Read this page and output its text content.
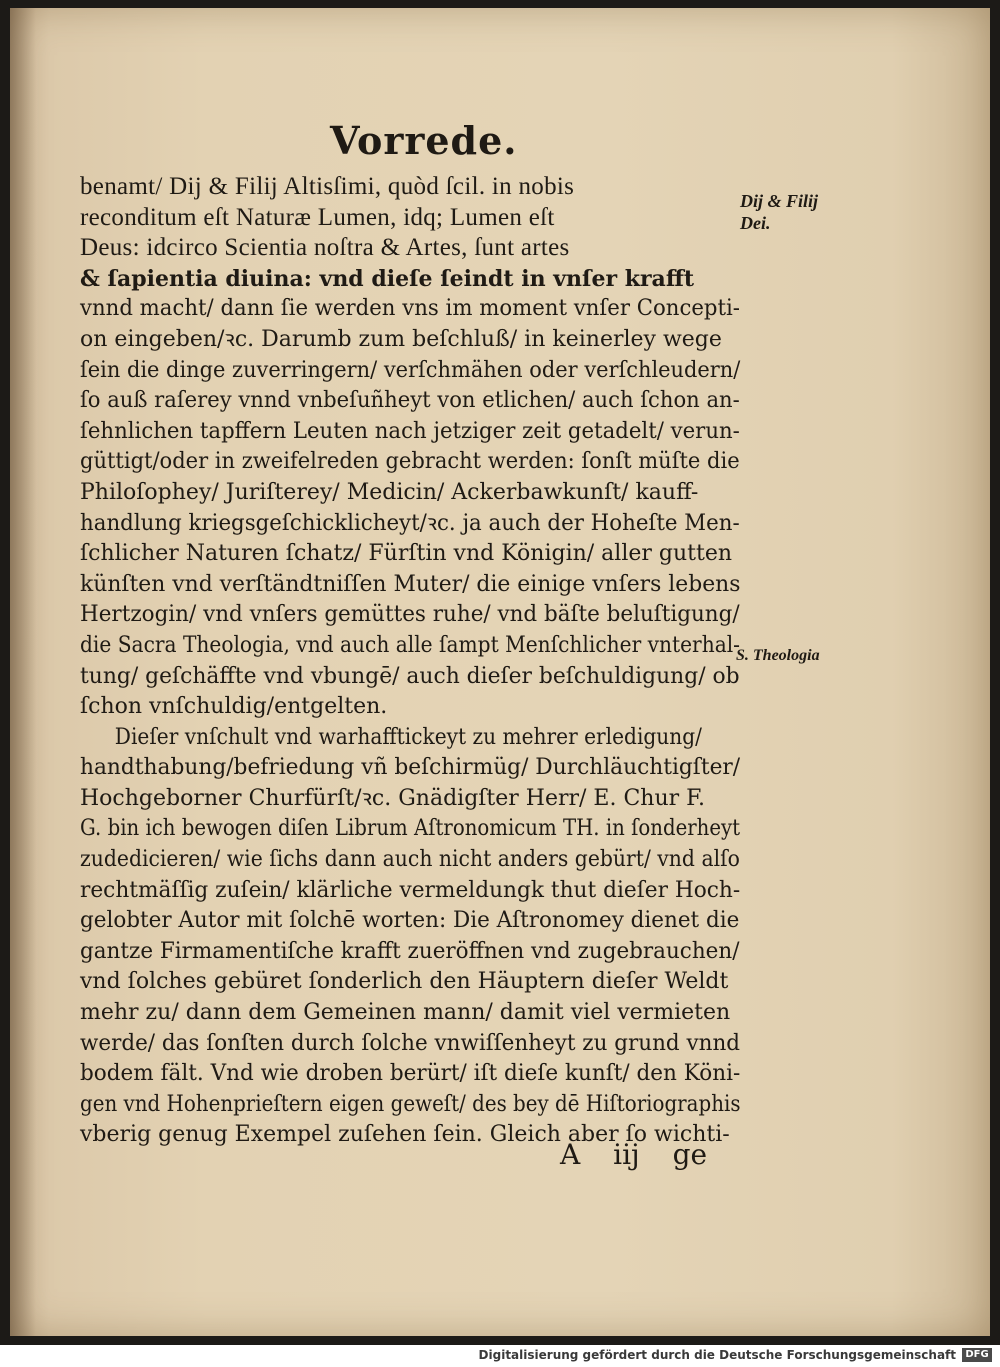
Vorrede.
benamt/ Dij & Filij Altisſimi, quòd ſcil. in nobis
reconditum eſt Naturæ Lumen, idq; Lumen eſt
Deus: idcirco Scientia noſtra & Artes, ſunt artes
& ſapientia diuina: vnd dieſe ſeindt in vnſer krafft
vnnd macht/ dann ſie werden vns im moment vnſer Concepti-
on eingeben/ꝛc. Darumb zum beſchluß/ in keinerley wege
ſein die dinge zuverringern/ verſchmähen oder verſchleudern/
ſo auß raſerey vnnd vnbeſuñheyt von etlichen/ auch ſchon an-
ſehnlichen tapffern Leuten nach jetziger zeit getadelt/ verun-
güttigt/oder in zweifelreden gebracht werden: ſonſt müſte die
Philoſophey/ Juriſterey/ Medicin/ Ackerbawkunſt/ kauff-
handlung kriegsgeſchicklicheyt/ꝛc. ja auch der Hoheſte Men-
ſchlicher Naturen ſchatz/ Fürſtin vnd Königin/ aller gutten
künſten vnd verſtändtniſſen Muter/ die einige vnſers lebens
Hertzogin/ vnd vnſers gemüttes ruhe/ vnd bäſte beluſtigung/
die Sacra Theologia, vnd auch alle ſampt Menſchlicher vnterhal-
tung/ geſchäffte vnd vbungē/ auch dieſer beſchuldigung/ ob
ſchon vnſchuldig/entgelten.
Dieſer vnſchult vnd warhafftickeyt zu mehrer erledigung/
handthabung/befriedung vñ beſchirmüg/ Durchläuchtigſter/
Hochgeborner Churfürſt/ꝛc. Gnädigſter Herr/ E. Chur F.
G. bin ich bewogen diſen Librum Aſtronomicum TH. in ſonderheyt
zudedicieren/ wie ſichs dann auch nicht anders gebürt/ vnd alſo
rechtmäſſig zuſein/ klärliche vermeldungk thut dieſer Hoch-
gelobter Autor mit ſolchē worten: Die Aſtronomey dienet die
gantze Firmamentiſche krafft zueröffnen vnd zugebrauchen/
vnd ſolches gebüret ſonderlich den Häuptern dieſer Weldt
mehr zu/ dann dem Gemeinen mann/ damit viel vermieten
werde/ das ſonſten durch ſolche vnwiſſenheyt zu grund vnnd
bodem fält. Vnd wie droben berürt/ iſt dieſe kunſt/ den Köni-
gen vnd Hohenprieſtern eigen geweſt/ des bey dē Hiſtoriographis
vberig genug Exempel zuſehen ſein. Gleich aber ſo wichti-
Dij & Filij Dei.
S. Theologia
A iij ge
Digitalisierung gefördert durch die Deutsche Forschungsgemeinschaft DFG
